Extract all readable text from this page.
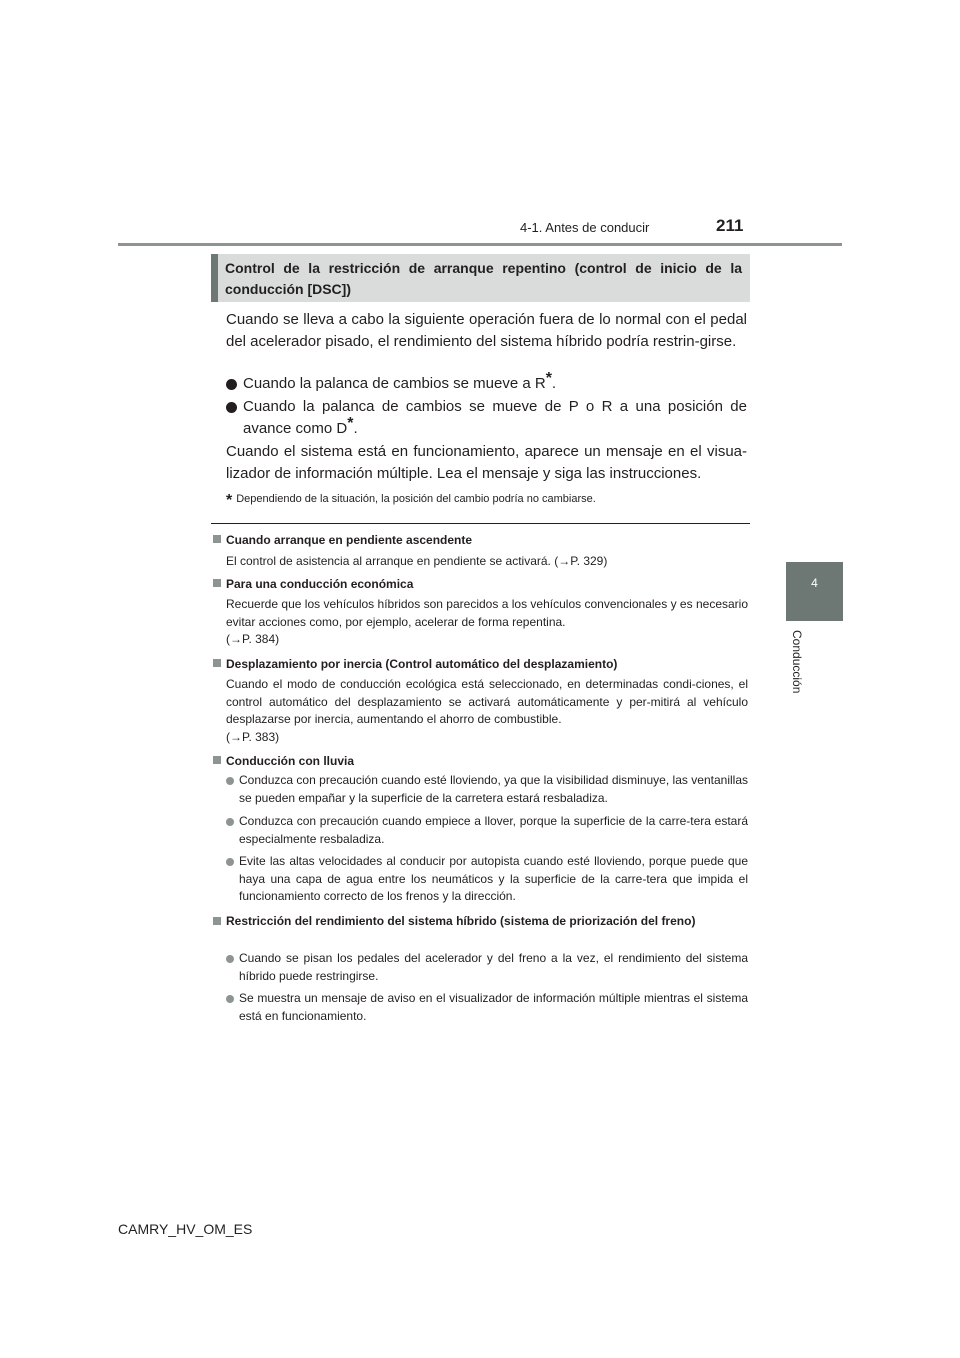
4-1. Antes de conducir	211
4
Conducción
Control de la restricción de arranque repentino (control de inicio de la conducción [DSC])
Cuando se lleva a cabo la siguiente operación fuera de lo normal con el pedal del acelerador pisado, el rendimiento del sistema híbrido podría restrin-girse.
Cuando la palanca de cambios se mueve a R*.
Cuando la palanca de cambios se mueve de P o R a una posición de avance como D*.
Cuando el sistema está en funcionamiento, aparece un mensaje en el visua-lizador de información múltiple. Lea el mensaje y siga las instrucciones.
* Dependiendo de la situación, la posición del cambio podría no cambiarse.
Cuando arranque en pendiente ascendente
El control de asistencia al arranque en pendiente se activará. (→P. 329)
Para una conducción económica
Recuerde que los vehículos híbridos son parecidos a los vehículos convencionales y es necesario evitar acciones como, por ejemplo, acelerar de forma repentina.
(→P. 384)
Desplazamiento por inercia (Control automático del desplazamiento)
Cuando el modo de conducción ecológica está seleccionado, en determinadas condi-ciones, el control automático del desplazamiento se activará automáticamente y per-mitirá al vehículo desplazarse por inercia, aumentando el ahorro de combustible.
(→P. 383)
Conducción con lluvia
Conduzca con precaución cuando esté lloviendo, ya que la visibilidad disminuye, las ventanillas se pueden empañar y la superficie de la carretera estará resbaladiza.
Conduzca con precaución cuando empiece a llover, porque la superficie de la carre-tera estará especialmente resbaladiza.
Evite las altas velocidades al conducir por autopista cuando esté lloviendo, porque puede que haya una capa de agua entre los neumáticos y la superficie de la carre-tera que impida el funcionamiento correcto de los frenos y la dirección.
Restricción del rendimiento del sistema híbrido (sistema de priorización del freno)
Cuando se pisan los pedales del acelerador y del freno a la vez, el rendimiento del sistema híbrido puede restringirse.
Se muestra un mensaje de aviso en el visualizador de información múltiple mientras el sistema está en funcionamiento.
CAMRY_HV_OM_ES
